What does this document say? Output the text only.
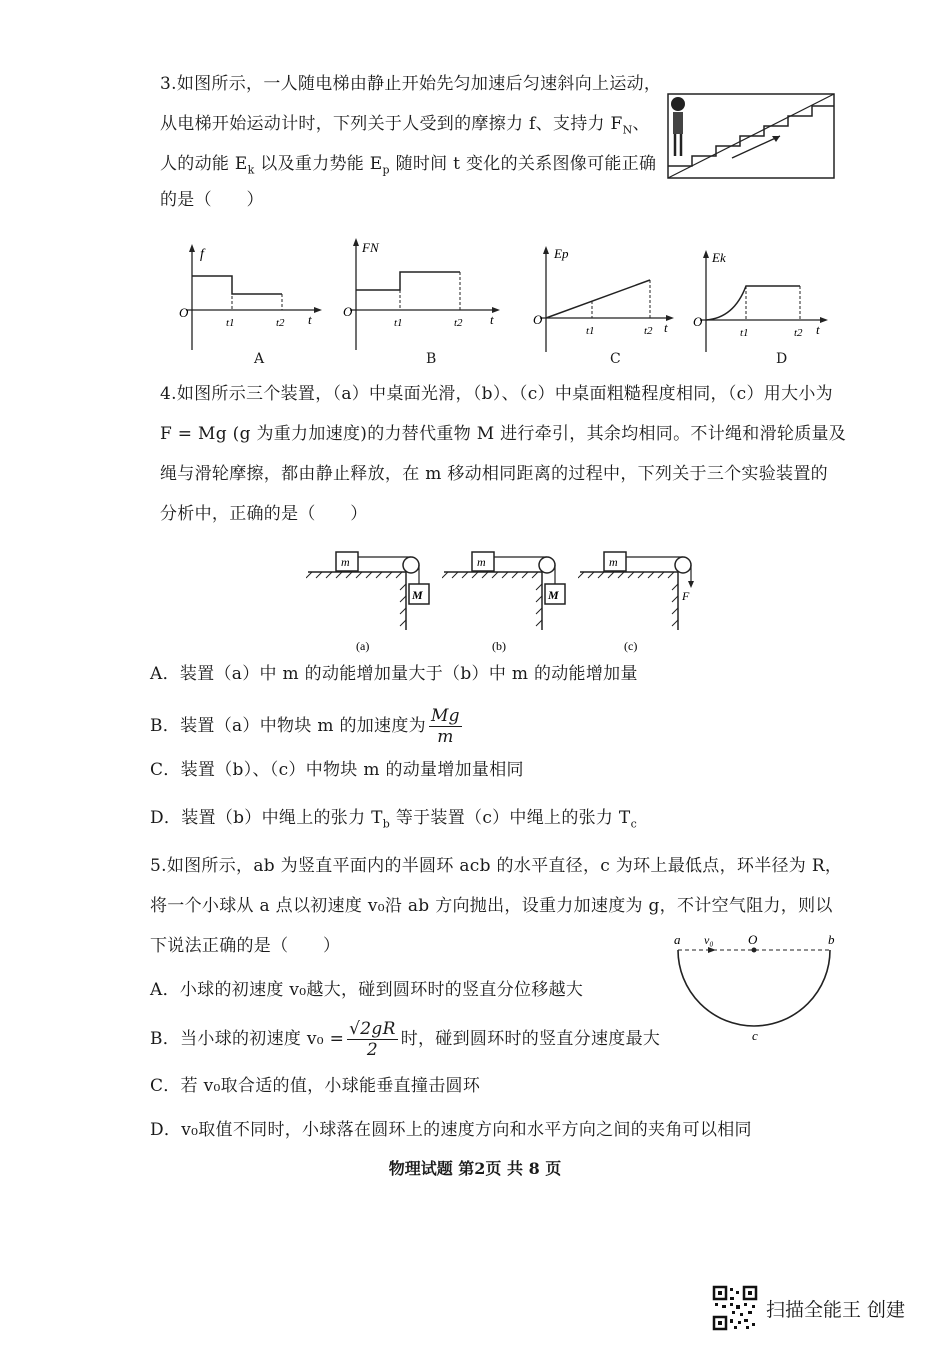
3.如图所示，一人随电梯由静止开始先匀加速后匀速斜向上运动，
从电梯开始运动计时，下列关于人受到的摩擦力 f、支持力 $F_N$、
人的动能 $E_k$ 以及重力势能 $E_p$ 随时间 t 变化的关系图像可能正确
的是（　　）
f
O
t1	t2 t
A
FN
O
t1	t2 t
B
Ep
O
t1	t2 t
C
Ek
O
t1	t2 t
D
4.如图所示三个装置，（a）中桌面光滑，（b）、（c）中桌面粗糙程度相同，（c）用大小为
F = Mg (g 为重力加速度)的力替代重物 M 进行牵引，其余均相同。不计绳和滑轮质量及
绳与滑轮摩擦，都由静止释放，在 m 移动相同距离的过程中，下列关于三个实验装置的
分析中，正确的是（　　）
m
M
(a)
m
M
(b)
m
F
(c)
A．装置（a）中 m 的动能增加量大于（b）中 m 的动能增加量
B．装置（a）中物块 m 的加速度为 $\frac{Mg}{m}$
C．装置（b）、（c）中物块 m 的动量增加量相同
D．装置（b）中绳上的张力 $T_b$ 等于装置（c）中绳上的张力 $T_c$
5.如图所示，ab 为竖直平面内的半圆环 acb 的水平直径，c 为环上最低点，环半径为 R，
将一个小球从 a 点以初速度 v₀沿 ab 方向抛出，设重力加速度为 g，不计空气阻力，则以
下说法正确的是（　　）	a v₀	O	b
c
A．小球的初速度 v₀越大，碰到圆环时的竖直分位移越大
B．当小球的初速度 $v_0 = \frac{√2gR}{2}$ 时，碰到圆环时的竖直分速度最大
C．若 v₀取合适的值，小球能垂直撞击圆环
D．v₀取值不同时，小球落在圆环上的速度方向和水平方向之间的夹角可以相同
物理试题 第2页 共 8 页
扫描全能王 创建
